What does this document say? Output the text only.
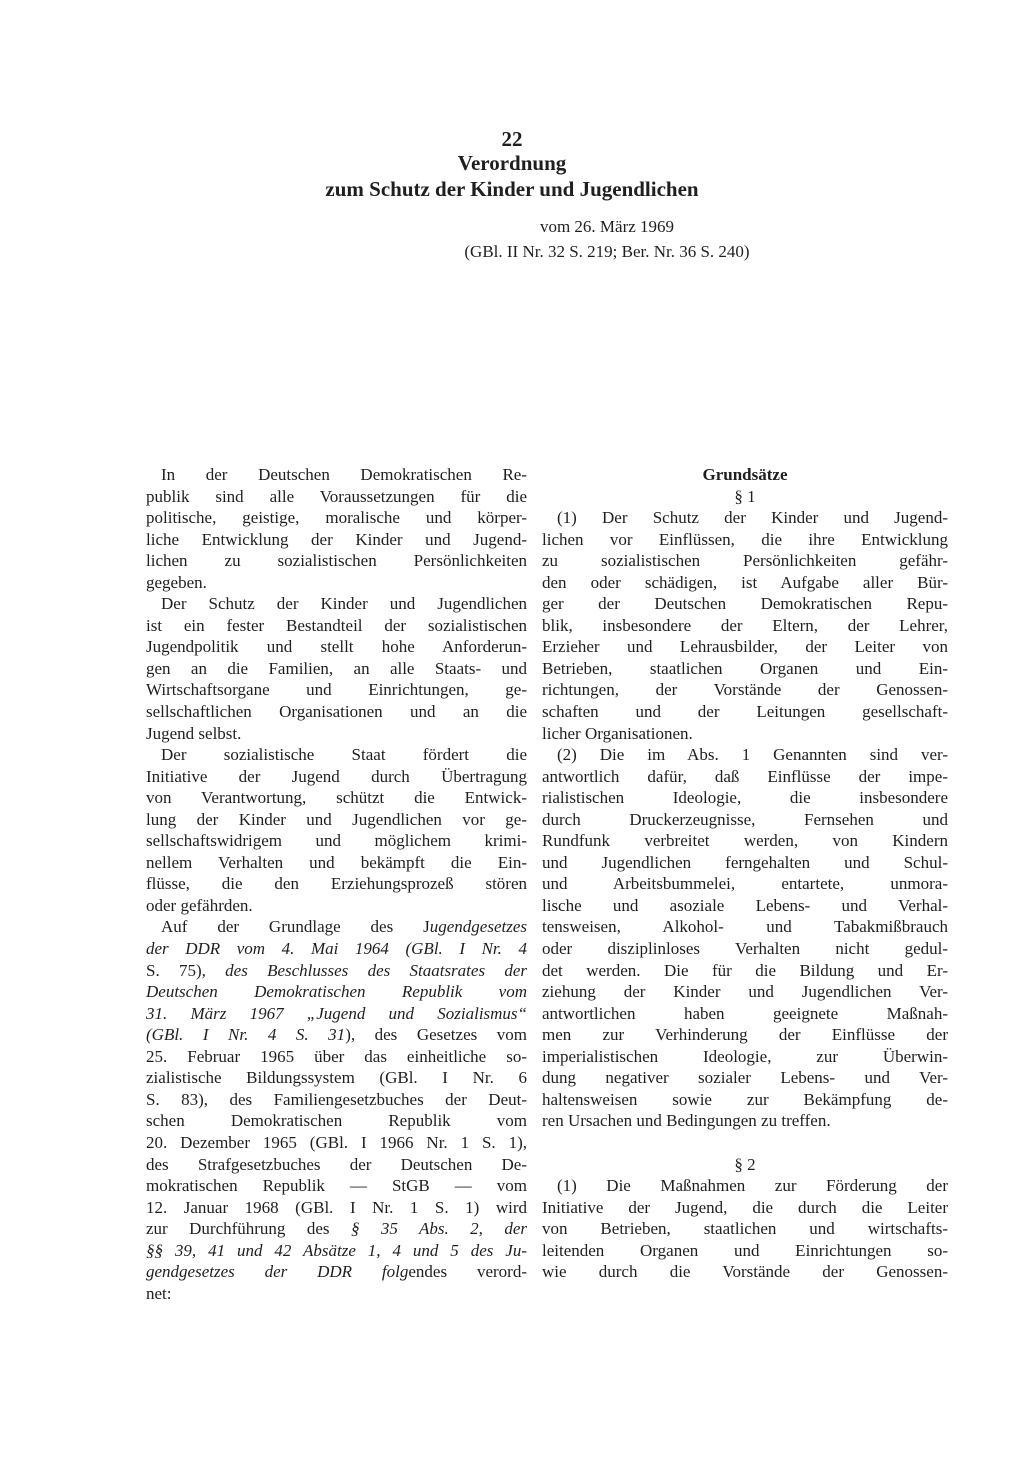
22
Verordnung
zum Schutz der Kinder und Jugendlichen
vom 26. März 1969
(GBl. II Nr. 32 S. 219; Ber. Nr. 36 S. 240)
In der Deutschen Demokratischen Re-
publik sind alle Voraussetzungen für die
politische, geistige, moralische und körper-
liche Entwicklung der Kinder und Jugend-
lichen zu sozialistischen Persönlichkeiten
gegeben.
Der Schutz der Kinder und Jugendlichen
ist ein fester Bestandteil der sozialistischen
Jugendpolitik und stellt hohe Anforderun-
gen an die Familien, an alle Staats- und
Wirtschaftsorgane und Einrichtungen, ge-
sellschaftlichen Organisationen und an die
Jugend selbst.
Der sozialistische Staat fördert die
Initiative der Jugend durch Übertragung
von Verantwortung, schützt die Entwick-
lung der Kinder und Jugendlichen vor ge-
sellschaftswidrigem und möglichem krimi-
nellem Verhalten und bekämpft die Ein-
flüsse, die den Erziehungsprozeß stören
oder gefährden.
Auf der Grundlage des Jugendgesetzes
der DDR vom 4. Mai 1964 (GBl. I Nr. 4
S. 75), des Beschlusses des Staatsrates der
Deutschen Demokratischen Republik vom
31. März 1967 „Jugend und Sozialismus“
(GBl. I Nr. 4 S. 31), des Gesetzes vom
25. Februar 1965 über das einheitliche so-
zialistische Bildungssystem (GBl. I Nr. 6
S. 83), des Familiengesetzbuches der Deut-
schen Demokratischen Republik vom
20. Dezember 1965 (GBl. I 1966 Nr. 1 S. 1),
des Strafgesetzbuches der Deutschen De-
mokratischen Republik — StGB — vom
12. Januar 1968 (GBl. I Nr. 1 S. 1) wird
zur Durchführung des § 35 Abs. 2, der
§§ 39, 41 und 42 Absätze 1, 4 und 5 des Ju-
gendgesetzes der DDR folgendes verord-
net:
Grundsätze
§ 1
(1) Der Schutz der Kinder und Jugend-
lichen vor Einflüssen, die ihre Entwicklung
zu sozialistischen Persönlichkeiten gefähr-
den oder schädigen, ist Aufgabe aller Bür-
ger der Deutschen Demokratischen Repu-
blik, insbesondere der Eltern, der Lehrer,
Erzieher und Lehrausbilder, der Leiter von
Betrieben, staatlichen Organen und Ein-
richtungen, der Vorstände der Genossen-
schaften und der Leitungen gesellschaft-
licher Organisationen.
(2) Die im Abs. 1 Genannten sind ver-
antwortlich dafür, daß Einflüsse der impe-
rialistischen Ideologie, die insbesondere
durch Druckerzeugnisse, Fernsehen und
Rundfunk verbreitet werden, von Kindern
und Jugendlichen ferngehalten und Schul-
und Arbeitsbummelei, entartete, unmora-
lische und asoziale Lebens- und Verhal-
tensweisen, Alkohol- und Tabakmißbrauch
oder disziplinloses Verhalten nicht gedul-
det werden. Die für die Bildung und Er-
ziehung der Kinder und Jugendlichen Ver-
antwortlichen haben geeignete Maßnah-
men zur Verhinderung der Einflüsse der
imperialistischen Ideologie, zur Überwin-
dung negativer sozialer Lebens- und Ver-
haltensweisen sowie zur Bekämpfung de-
ren Ursachen und Bedingungen zu treffen.
§ 2
(1) Die Maßnahmen zur Förderung der
Initiative der Jugend, die durch die Leiter
von Betrieben, staatlichen und wirtschafts-
leitenden Organen und Einrichtungen so-
wie durch die Vorstände der Genossen-
